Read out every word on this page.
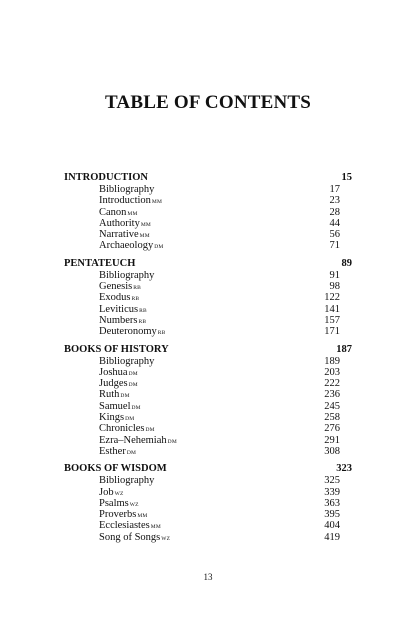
TABLE OF CONTENTS
INTRODUCTION	15
Bibliography	17
IntroductionMM	23
CanonMM	28
AuthorityMM	44
NarrativeMM	56
ArchaeologyDM	71
PENTATEUCH	89
Bibliography	91
GenesisRB	98
ExodusRB	122
LeviticusRB	141
NumbersRB	157
DeuteronomyRB	171
BOOKS OF HISTORY	187
Bibliography	189
JoshuaDM	203
JudgesDM	222
RuthDM	236
SamuelDM	245
KingsDM	258
ChroniclesDM	276
Ezra–NehemiahDM	291
EstherDM	308
BOOKS OF WISDOM	323
Bibliography	325
JobWZ	339
PsalmsWZ	363
ProverbsMM	395
EcclesiastesMM	404
Song of SongsWZ	419
13
